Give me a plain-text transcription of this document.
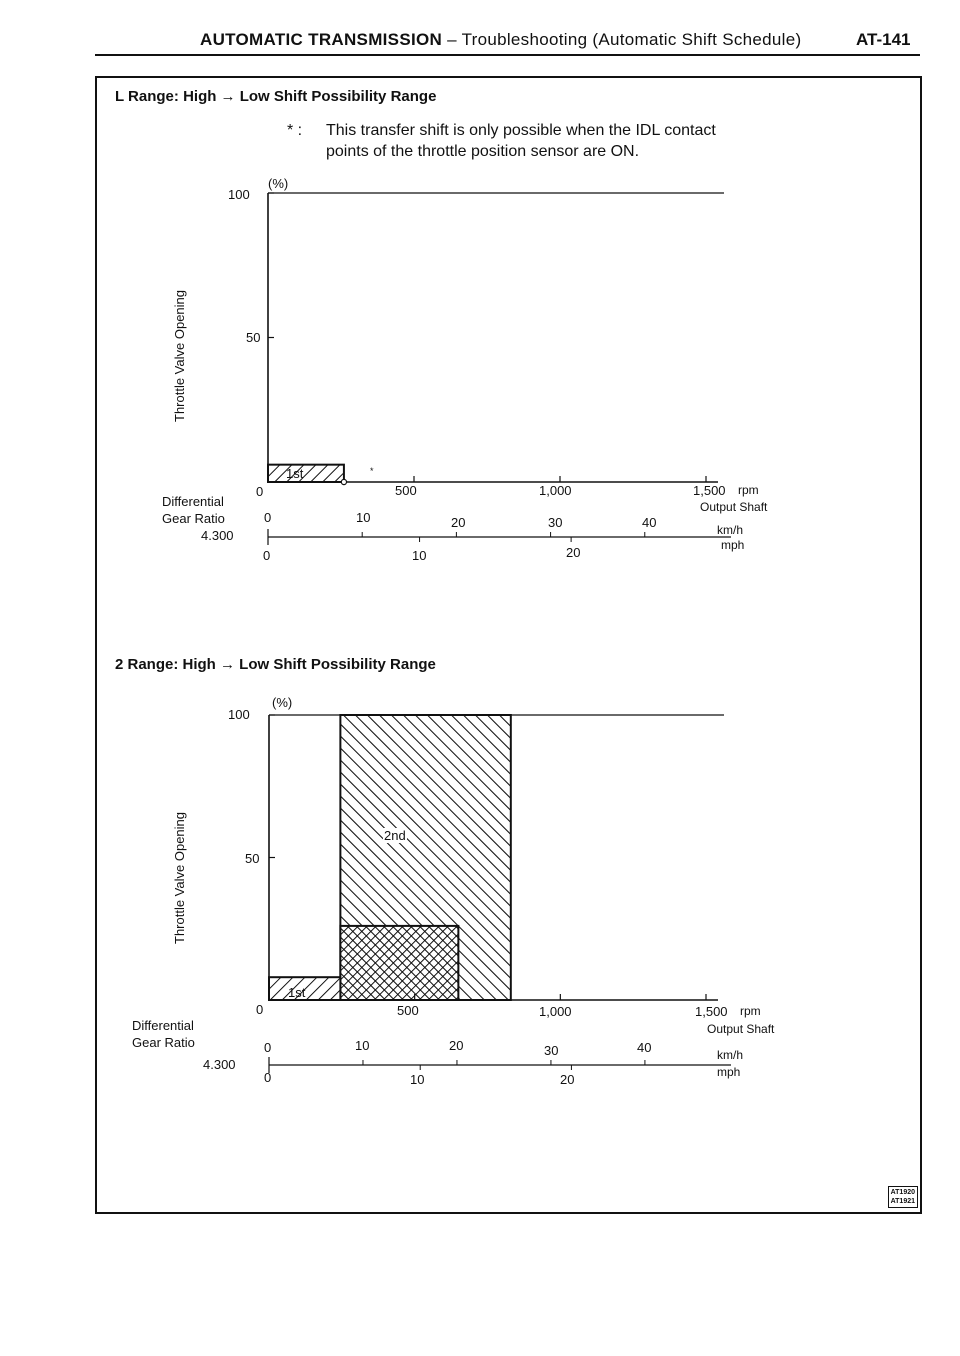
AUTOMATIC TRANSMISSION – Troubleshooting (Automatic Shift Schedule)	AT-141
L Range: High → Low Shift Possibility Range
* : This transfer shift is only possible when the IDL contact
points of the throttle position sensor are ON.
(%)
100
50
0
Throttle Valve Opening
*
1st
500	1,000	1,500 rpm
Output Shaft
Differential
Gear Ratio
4.300
0	10	20	30	40	km/h
0	10	20	mph
2 Range: High → Low Shift Possibility Range
(%)
100
50
0
Throttle Valve Opening	2nd
1st
500	1,000	1,500 rpm
Output Shaft
Differential
Gear Ratio
4.300
0	10	20	30	40	km/h
0	10	20	mph
AT1920
AT1921
